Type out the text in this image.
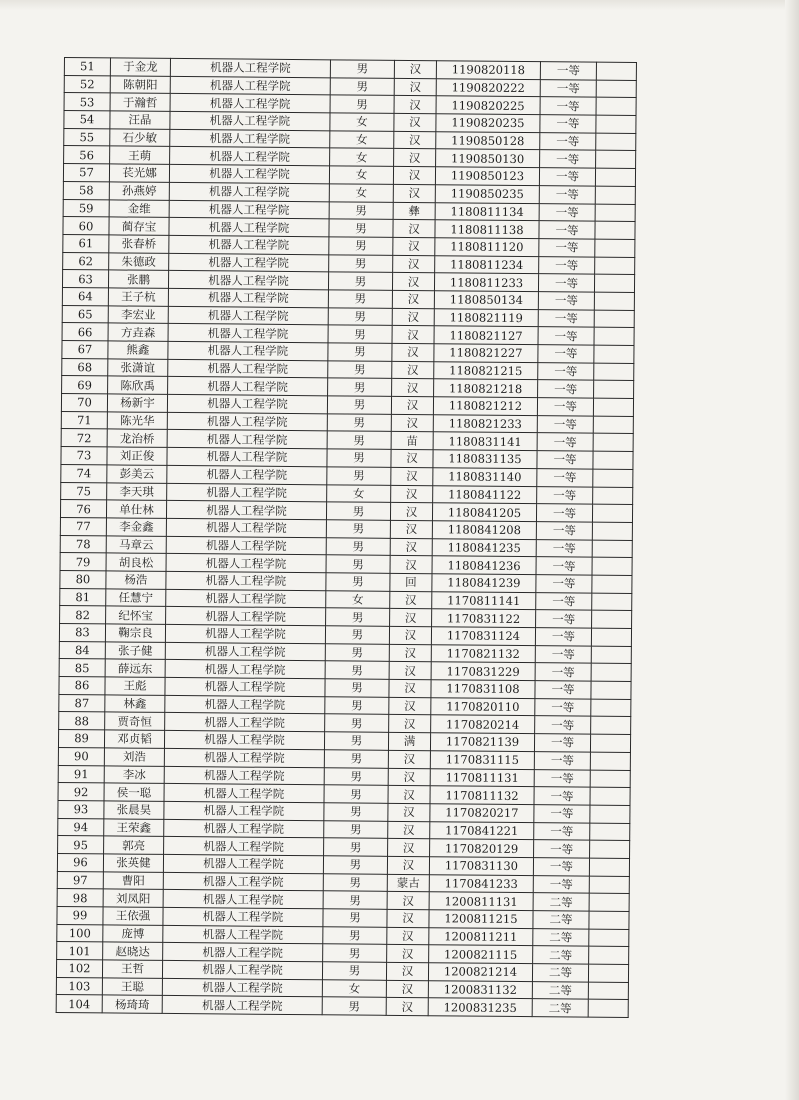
51	于金龙	机器人工程学院	男	汉	1190820118	一等	
52	陈朝阳	机器人工程学院	男	汉	1190820222	一等	
53	于瀚哲	机器人工程学院	男	汉	1190820225	一等	
54	汪晶	机器人工程学院	女	汉	1190820235	一等	
55	石少敏	机器人工程学院	女	汉	1190850128	一等	
56	王萌	机器人工程学院	女	汉	1190850130	一等	
57	苌光娜	机器人工程学院	女	汉	1190850123	一等	
58	孙燕婷	机器人工程学院	女	汉	1190850235	一等	
59	金维	机器人工程学院	男	彝	1180811134	一等	
60	蔺存宝	机器人工程学院	男	汉	1180811138	一等	
61	张春桥	机器人工程学院	男	汉	1180811120	一等	
62	朱德政	机器人工程学院	男	汉	1180811234	一等	
63	张鹏	机器人工程学院	男	汉	1180811233	一等	
64	王子杭	机器人工程学院	男	汉	1180850134	一等	
65	李宏业	机器人工程学院	男	汉	1180821119	一等	
66	方垚森	机器人工程学院	男	汉	1180821127	一等	
67	熊鑫	机器人工程学院	男	汉	1180821227	一等	
68	张潇谊	机器人工程学院	男	汉	1180821215	一等	
69	陈欣禹	机器人工程学院	男	汉	1180821218	一等	
70	杨新宇	机器人工程学院	男	汉	1180821212	一等	
71	陈光华	机器人工程学院	男	汉	1180821233	一等	
72	龙治桥	机器人工程学院	男	苗	1180831141	一等	
73	刘正俊	机器人工程学院	男	汉	1180831135	一等	
74	彭美云	机器人工程学院	男	汉	1180831140	一等	
75	李天琪	机器人工程学院	女	汉	1180841122	一等	
76	单仕林	机器人工程学院	男	汉	1180841205	一等	
77	李金鑫	机器人工程学院	男	汉	1180841208	一等	
78	马章云	机器人工程学院	男	汉	1180841235	一等	
79	胡良松	机器人工程学院	男	汉	1180841236	一等	
80	杨浩	机器人工程学院	男	回	1180841239	一等	
81	任慧宁	机器人工程学院	女	汉	1170811141	一等	
82	纪怀宝	机器人工程学院	男	汉	1170831122	一等	
83	鞠宗良	机器人工程学院	男	汉	1170831124	一等	
84	张子健	机器人工程学院	男	汉	1170821132	一等	
85	薛远东	机器人工程学院	男	汉	1170831229	一等	
86	王彪	机器人工程学院	男	汉	1170831108	一等	
87	林鑫	机器人工程学院	男	汉	1170820110	一等	
88	贾奇恒	机器人工程学院	男	汉	1170820214	一等	
89	邓贞韬	机器人工程学院	男	满	1170821139	一等	
90	刘浩	机器人工程学院	男	汉	1170831115	一等	
91	李冰	机器人工程学院	男	汉	1170811131	一等	
92	侯一聪	机器人工程学院	男	汉	1170811132	一等	
93	张晨昊	机器人工程学院	男	汉	1170820217	一等	
94	王荣鑫	机器人工程学院	男	汉	1170841221	一等	
95	郭亮	机器人工程学院	男	汉	1170820129	一等	
96	张英健	机器人工程学院	男	汉	1170831130	一等	
97	曹阳	机器人工程学院	男	蒙古	1170841233	一等	
98	刘凤阳	机器人工程学院	男	汉	1200811131	二等	
99	王依强	机器人工程学院	男	汉	1200811215	二等	
100	庞博	机器人工程学院	男	汉	1200811211	二等	
101	赵晓达	机器人工程学院	男	汉	1200821115	二等	
102	王哲	机器人工程学院	男	汉	1200821214	二等	
103	王聪	机器人工程学院	女	汉	1200831132	二等	
104	杨琦琦	机器人工程学院	男	汉	1200831235	二等	
